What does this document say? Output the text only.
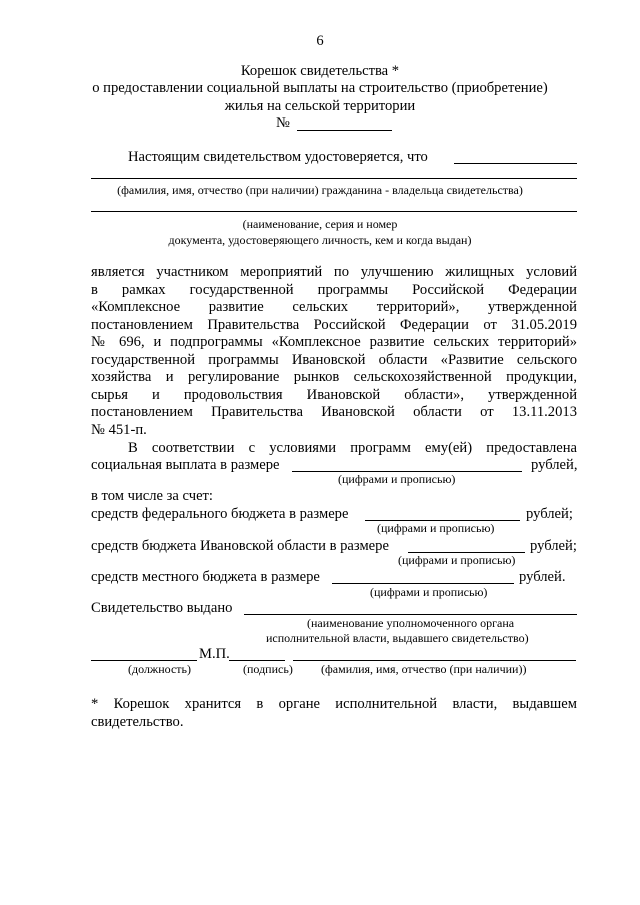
6
Корешок свидетельства *
о предоставлении социальной выплаты на строительство (приобретение)
жилья на сельской территории
№
Настоящим свидетельством удостоверяется, что
(фамилия, имя, отчество (при наличии) гражданина - владельца свидетельства)
(наименование, серия и номер
документа, удостоверяющего личность, кем и когда выдан)
является участником мероприятий по улучшению жилищных условий
в рамках государственной программы Российской Федерации
«Комплексное развитие сельских территорий», утвержденной
постановлением Правительства Российской Федерации от 31.05.2019
№ 696, и подпрограммы «Комплексное развитие сельских территорий»
государственной программы Ивановской области «Развитие сельского
хозяйства и регулирование рынков сельскохозяйственной продукции,
сырья и продовольствия Ивановской области», утвержденной
постановлением Правительства Ивановской области от 13.11.2013
№ 451-п.
В соответствии с условиями программ ему(ей) предоставлена
социальная выплата в размере	рублей,
(цифрами и прописью)
в том числе за счет:
средств федерального бюджета в размере	рублей;
(цифрами и прописью)
средств бюджета Ивановской области в размере	рублей;
(цифрами и прописью)
средств местного бюджета в размере	рублей.
(цифрами и прописью)
Свидетельство выдано
(наименование уполномоченного органа
исполнительной власти, выдавшего свидетельство)
М.П.
(должность)	(подпись) (фамилия, имя, отчество (при наличии))
* Корешок хранится в органе исполнительной власти, выдавшем
свидетельство.
